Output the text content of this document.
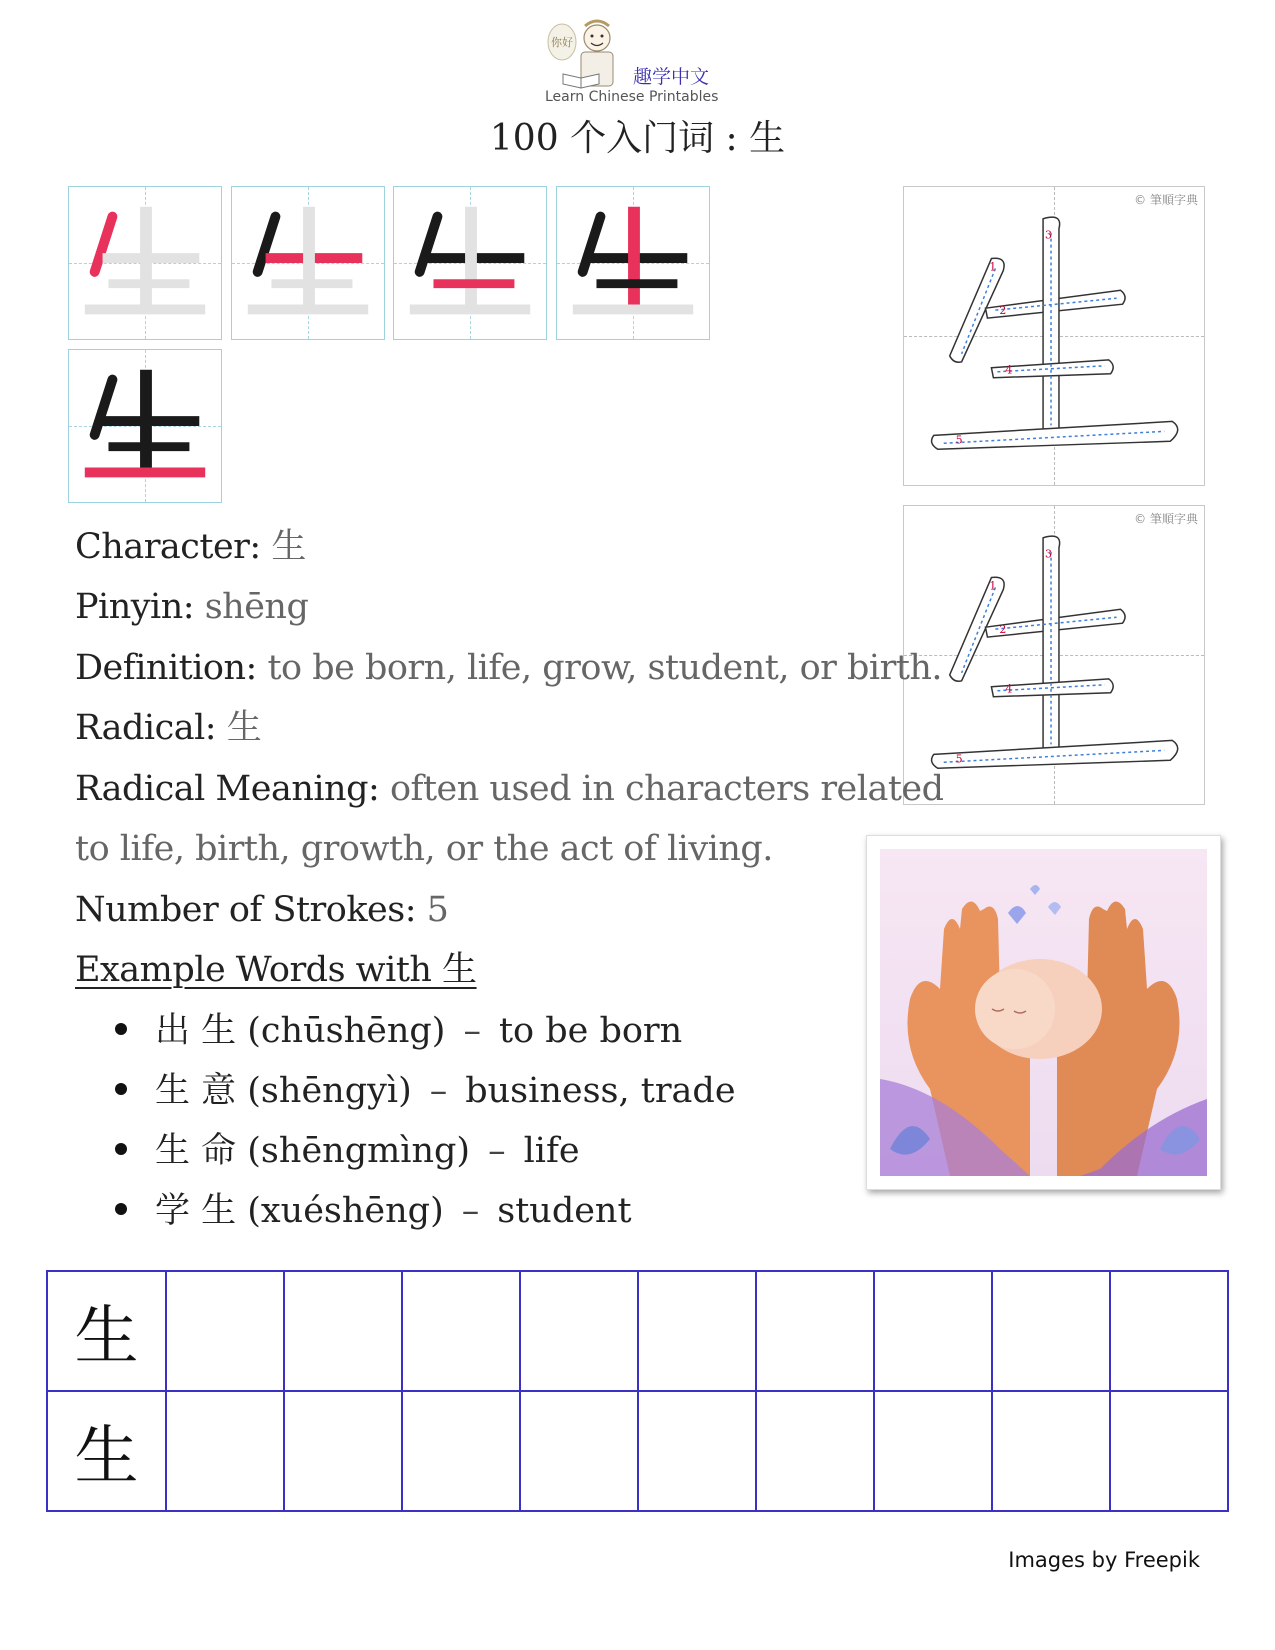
你好
趣学中文
Learn Chinese Printables
100 个入门词 : 生
© 筆順字典
1
2
3
4
5
© 筆順字典
1
2
3
4
5
Character: 生
Pinyin: shēng
Definition: to be born, life, grow, student, or birth.
Radical: 生
Radical Meaning: often used in characters related
to life, birth, growth, or the act of living.
Number of Strokes: 5
Example Words with 生
出 生 (chūshēng) – to be born
生 意 (shēngyì) – business, trade
生 命 (shēngmìng) – life
学 生 (xuéshēng) – student
生									
生									
Images by Freepik
